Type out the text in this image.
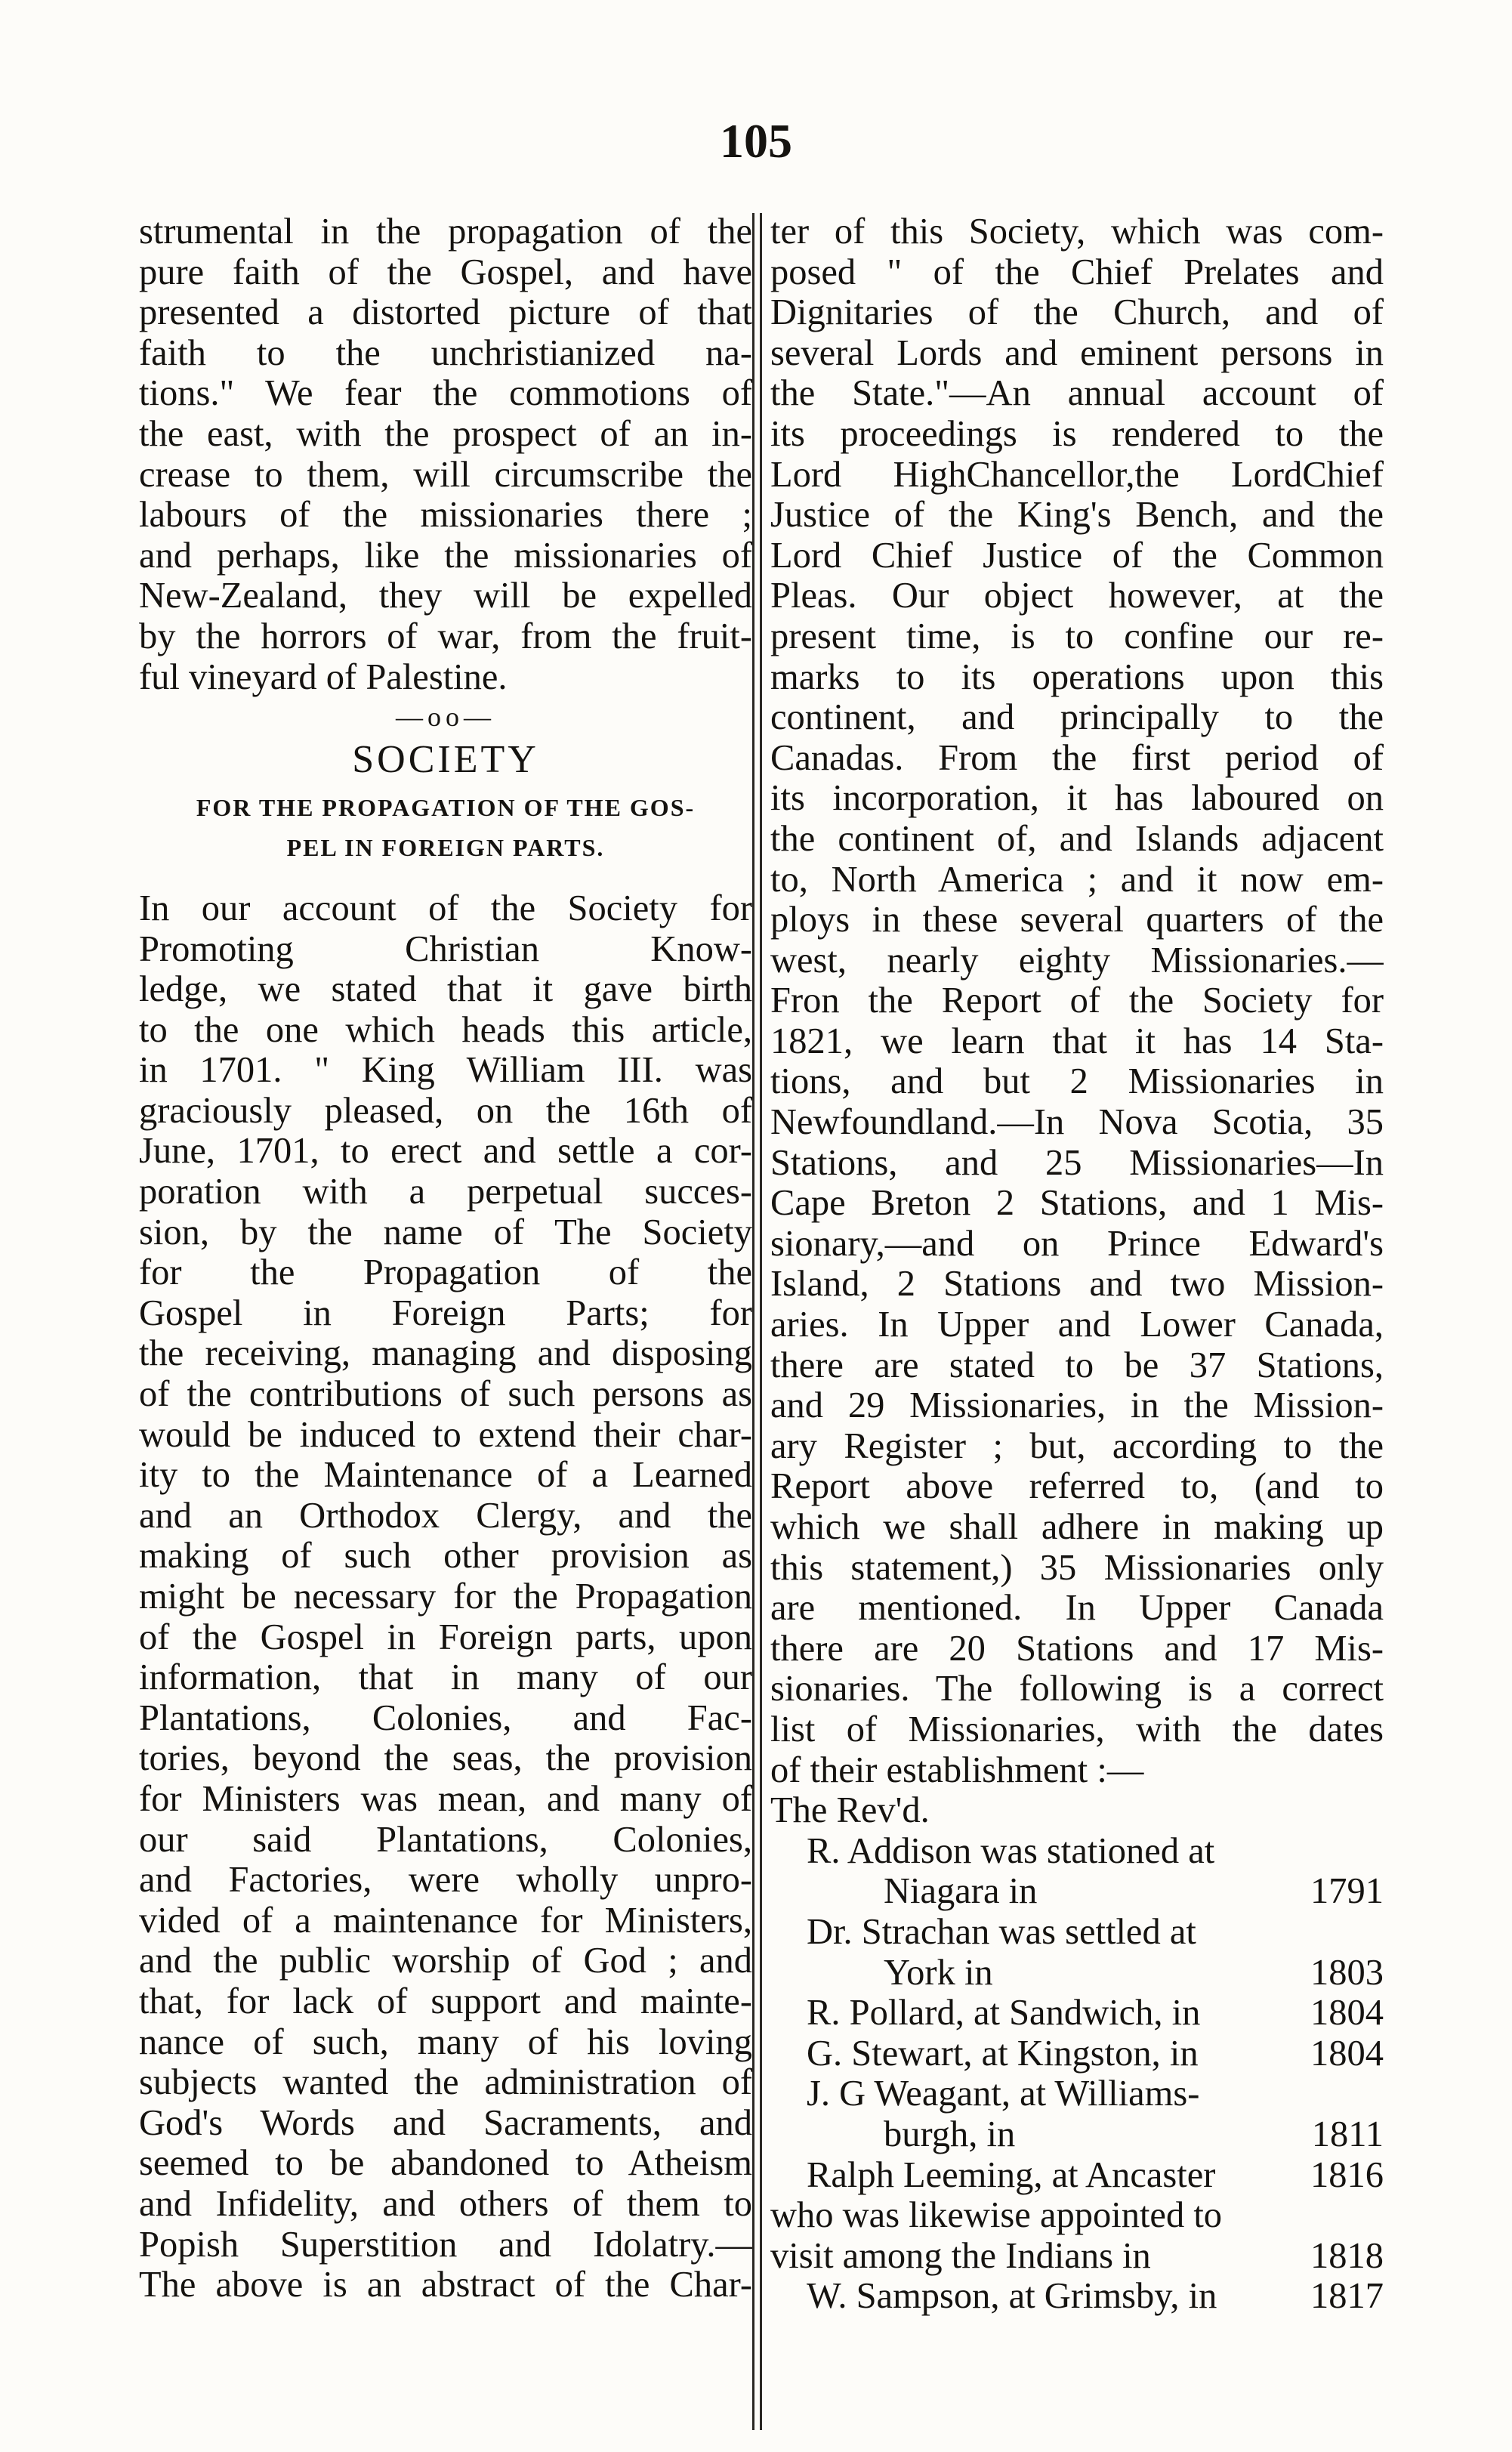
105
strumental in the propagation of the
pure faith of the Gospel, and have
presented a distorted picture of that
faith to the unchristianized na-
tions." We fear the commotions of
the east, with the prospect of an in-
crease to them, will circumscribe the
labours of the missionaries there ;
and perhaps, like the missionaries of
New-Zealand, they will be expelled
by the horrors of war, from the fruit-
ful vineyard of Palestine.
—oo—
SOCIETY
FOR THE PROPAGATION OF THE GOS-
PEL IN FOREIGN PARTS.
In our account of the Society for
Promoting Christian Know-
ledge, we stated that it gave birth
to the one which heads this article,
in 1701. " King William III. was
graciously pleased, on the 16th of
June, 1701, to erect and settle a cor-
poration with a perpetual succes-
sion, by the name of The Society
for the Propagation of the
Gospel in Foreign Parts; for
the receiving, managing and disposing
of the contributions of such persons as
would be induced to extend their char-
ity to the Maintenance of a Learned
and an Orthodox Clergy, and the
making of such other provision as
might be necessary for the Propagation
of the Gospel in Foreign parts, upon
information, that in many of our
Plantations, Colonies, and Fac-
tories, beyond the seas, the provision
for Ministers was mean, and many of
our said Plantations, Colonies,
and Factories, were wholly unpro-
vided of a maintenance for Ministers,
and the public worship of God ; and
that, for lack of support and mainte-
nance of such, many of his loving
subjects wanted the administration of
God's Words and Sacraments, and
seemed to be abandoned to Atheism
and Infidelity, and others of them to
Popish Superstition and Idolatry.—
The above is an abstract of the Char-
ter of this Society, which was com-
posed " of the Chief Prelates and
Dignitaries of the Church, and of
several Lords and eminent persons in
the State."—An annual account of
its proceedings is rendered to the
Lord HighChancellor,the LordChief
Justice of the King's Bench, and the
Lord Chief Justice of the Common
Pleas. Our object however, at the
present time, is to confine our re-
marks to its operations upon this
continent, and principally to the
Canadas. From the first period of
its incorporation, it has laboured on
the continent of, and Islands adjacent
to, North America ; and it now em-
ploys in these several quarters of the
west, nearly eighty Missionaries.—
Fron the Report of the Society for
1821, we learn that it has 14 Sta-
tions, and but 2 Missionaries in
Newfoundland.—In Nova Scotia, 35
Stations, and 25 Missionaries—In
Cape Breton 2 Stations, and 1 Mis-
sionary,—and on Prince Edward's
Island, 2 Stations and two Mission-
aries. In Upper and Lower Canada,
there are stated to be 37 Stations,
and 29 Missionaries, in the Mission-
ary Register ; but, according to the
Report above referred to, (and to
which we shall adhere in making up
this statement,) 35 Missionaries only
are mentioned. In Upper Canada
there are 20 Stations and 17 Mis-
sionaries. The following is a correct
list of Missionaries, with the dates
of their establishment :—
The Rev'd.
R. Addison was stationed at
Niagara in	1791
Dr. Strachan was settled at
York in	1803
R. Pollard, at Sandwich, in	1804
G. Stewart, at Kingston, in	1804
J. G Weagant, at Williams-
burgh, in	1811
Ralph Leeming, at Ancaster	1816
who was likewise appointed to
visit among the Indians in	1818
W. Sampson, at Grimsby, in	1817
